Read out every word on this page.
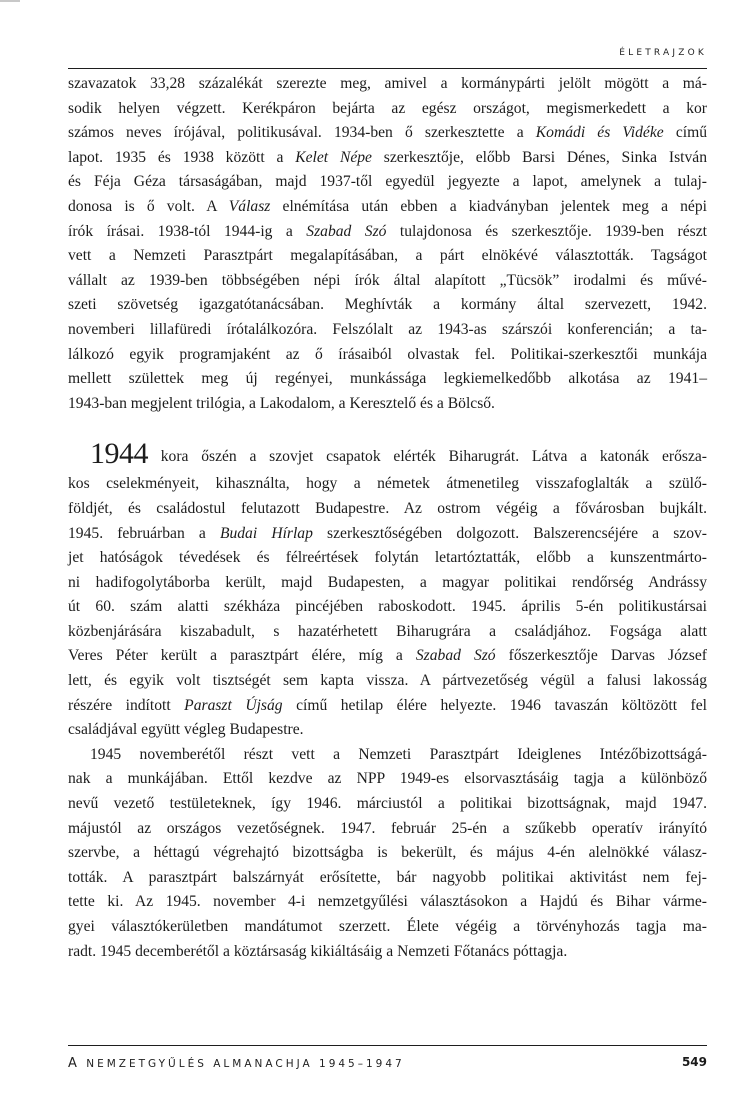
ÉLETRAJZOK
szavazatok 33,28 százalékát szerezte meg, amivel a kormánypárti jelölt mögött a má-
sodik helyen végzett. Kerékpáron bejárta az egész országot, megismerkedett a kor
számos neves írójával, politikusával. 1934-ben ő szerkesztette a Komádi és Vidéke című
lapot. 1935 és 1938 között a Kelet Népe szerkesztője, előbb Barsi Dénes, Sinka István
és Féja Géza társaságában, majd 1937-től egyedül jegyezte a lapot, amelynek a tulaj-
donosa is ő volt. A Válasz elnémítása után ebben a kiadványban jelentek meg a népi
írók írásai. 1938-tól 1944-ig a Szabad Szó tulajdonosa és szerkesztője. 1939-ben részt
vett a Nemzeti Parasztpárt megalapításában, a párt elnökévé választották. Tagságot
vállalt az 1939-ben többségében népi írók által alapított „Tücsök” irodalmi és művé-
szeti szövetség igazgatótanácsában. Meghívták a kormány által szervezett, 1942.
novemberi lillafüredi írótalálkozóra. Felszólalt az 1943-as szárszói konferencián; a ta-
lálkozó egyik programjaként az ő írásaiból olvastak fel. Politikai-szerkesztői munkája
mellett születtek meg új regényei, munkássága legkiemelkedőbb alkotása az 1941–
1943-ban megjelent trilógia, a Lakodalom, a Keresztelő és a Bölcső.
1944 kora őszén a szovjet csapatok elérték Biharugrát. Látva a katonák erősza-
kos cselekményeit, kihasználta, hogy a németek átmenetileg visszafoglalták a szülő-
földjét, és családostul felutazott Budapestre. Az ostrom végéig a fővárosban bujkált.
1945. februárban a Budai Hírlap szerkesztőségében dolgozott. Balszerencséjére a szov-
jet hatóságok tévedések és félreértések folytán letartóztatták, előbb a kunszentmárto-
ni hadifogolytáborba került, majd Budapesten, a magyar politikai rendőrség Andrássy
út 60. szám alatti székháza pincéjében raboskodott. 1945. április 5-én politikustársai
közbenjárására kiszabadult, s hazatérhetett Biharugrára a családjához. Fogsága alatt
Veres Péter került a parasztpárt élére, míg a Szabad Szó főszerkesztője Darvas József
lett, és egyik volt tisztségét sem kapta vissza. A pártvezetőség végül a falusi lakosság
részére indított Paraszt Újság című hetilap élére helyezte. 1946 tavaszán költözött fel
családjával együtt végleg Budapestre.
1945 novemberétől részt vett a Nemzeti Parasztpárt Ideiglenes Intézőbizottságá-
nak a munkájában. Ettől kezdve az NPP 1949-es elsorvasztásáig tagja a különböző
nevű vezető testületeknek, így 1946. márciustól a politikai bizottságnak, majd 1947.
májustól az országos vezetőségnek. 1947. február 25-én a szűkebb operatív irányító
szervbe, a héttagú végrehajtó bizottságba is bekerült, és május 4-én alelnökké válasz-
tották. A parasztpárt balszárnyát erősítette, bár nagyobb politikai aktivitást nem fej-
tette ki. Az 1945. november 4-i nemzetgyűlési választásokon a Hajdú és Bihar várme-
gyei választókerületben mandátumot szerzett. Élete végéig a törvényhozás tagja ma-
radt. 1945 decemberétől a köztársaság kikiáltásáig a Nemzeti Főtanács póttagja.
A NEMZETGYŰLÉS ALMANACHJA 1945–1947	549
